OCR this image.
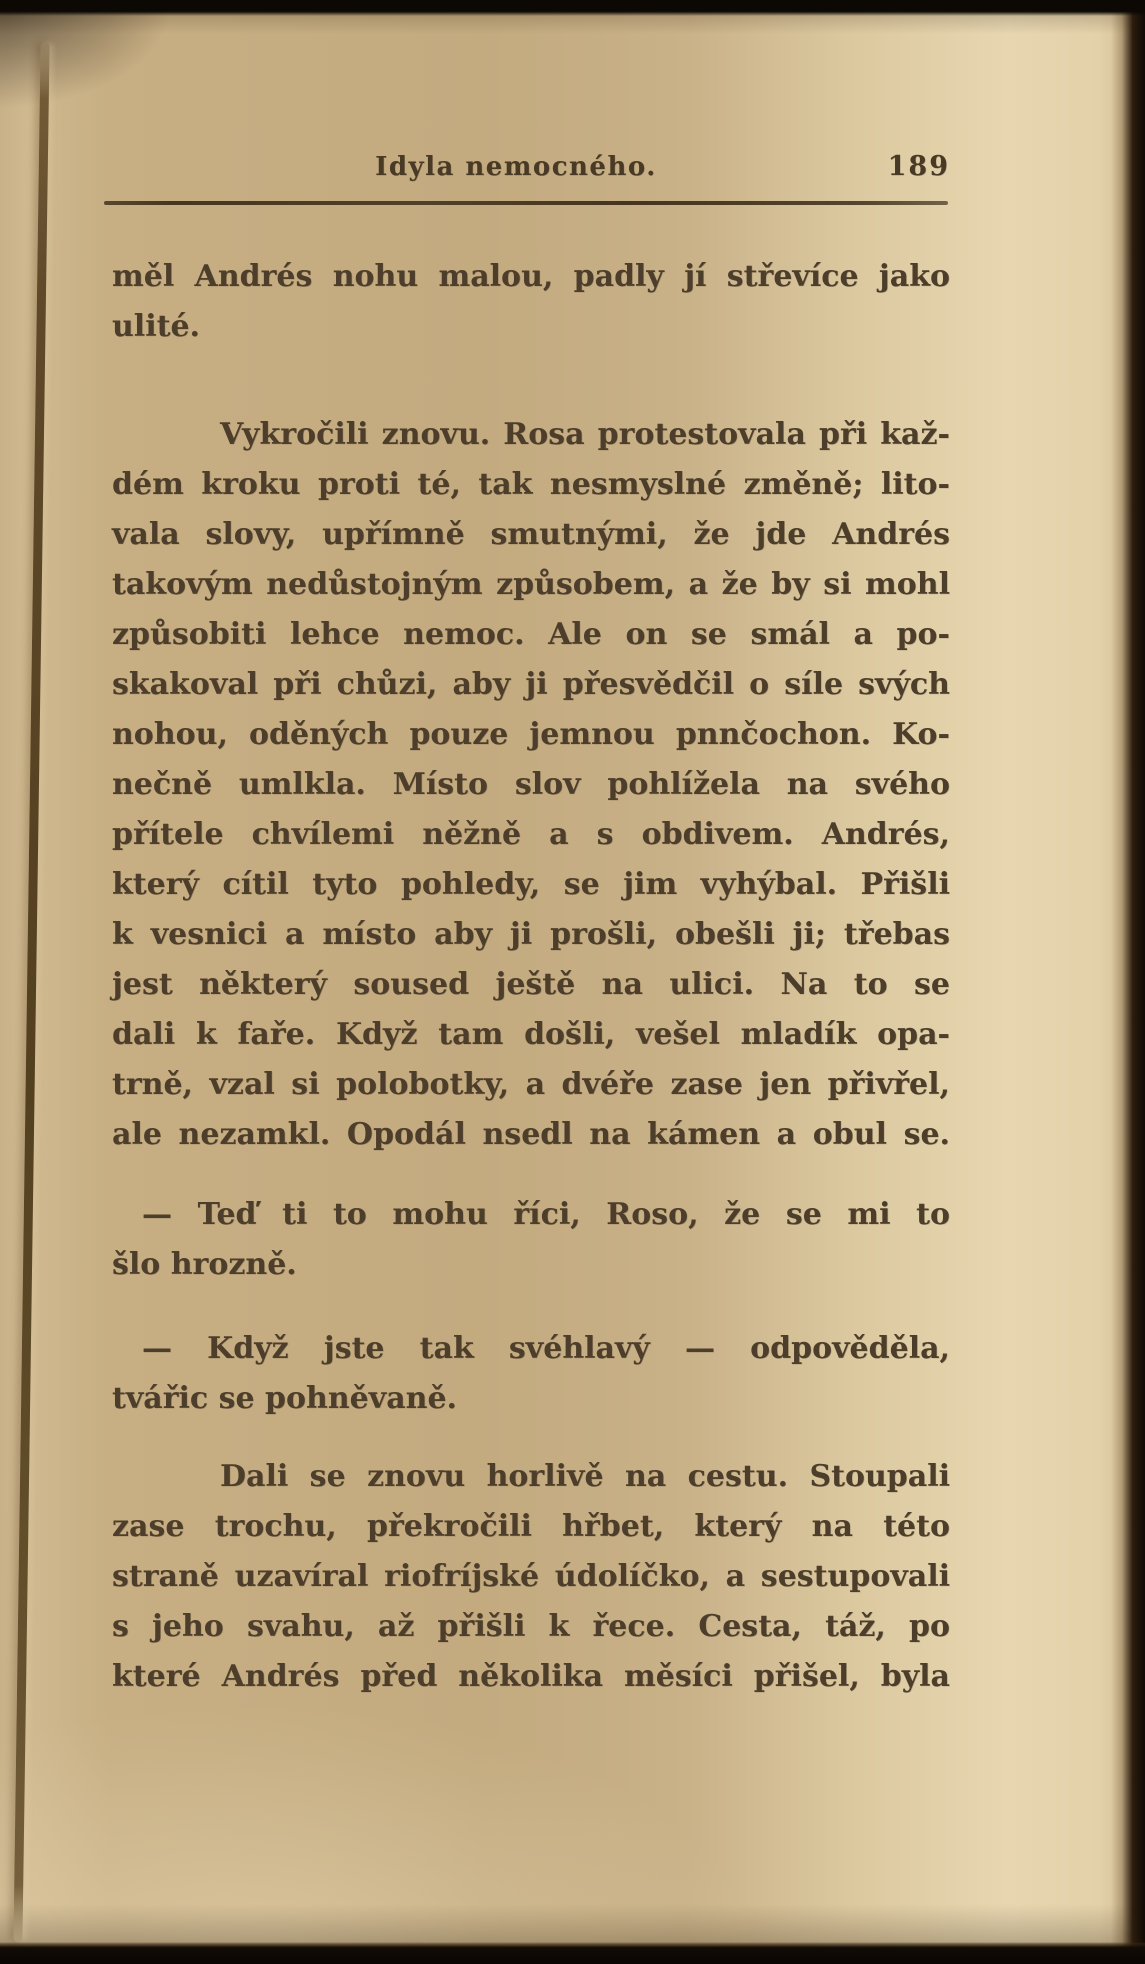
Idyla nemocného.	189
měl Andrés nohu malou, padly jí střevíce jako
ulité.
Vykročili znovu. Rosa protestovala při kaž-
dém kroku proti té, tak nesmyslné změně; lito-
vala slovy, upřímně smutnými, že jde Andrés
takovým nedůstojným způsobem, a že by si mohl
způsobiti lehce nemoc. Ale on se smál a po-
skakoval při chůzi, aby ji přesvědčil o síle svých
nohou, oděných pouze jemnou pnnčochon. Ko-
nečně umlkla. Místo slov pohlížela na svého
přítele chvílemi něžně a s obdivem. Andrés,
který cítil tyto pohledy, se jim vyhýbal. Přišli
k vesnici a místo aby ji prošli, obešli ji; třebas
jest některý soused ještě na ulici. Na to se
dali k faře. Když tam došli, vešel mladík opa-
trně, vzal si polobotky, a dvéře zase jen přivřel,
ale nezamkl. Opodál nsedl na kámen a obul se.
— Teď ti to mohu říci, Roso, že se mi to
šlo hrozně.
— Když jste tak svéhlavý — odpověděla,
tvářic se pohněvaně.
Dali se znovu horlivě na cestu. Stoupali
zase trochu, překročili hřbet, který na této
straně uzavíral riofríjské údolíčko, a sestupovali
s jeho svahu, až přišli k řece. Cesta, táž, po
které Andrés před několika měsíci přišel, byla
